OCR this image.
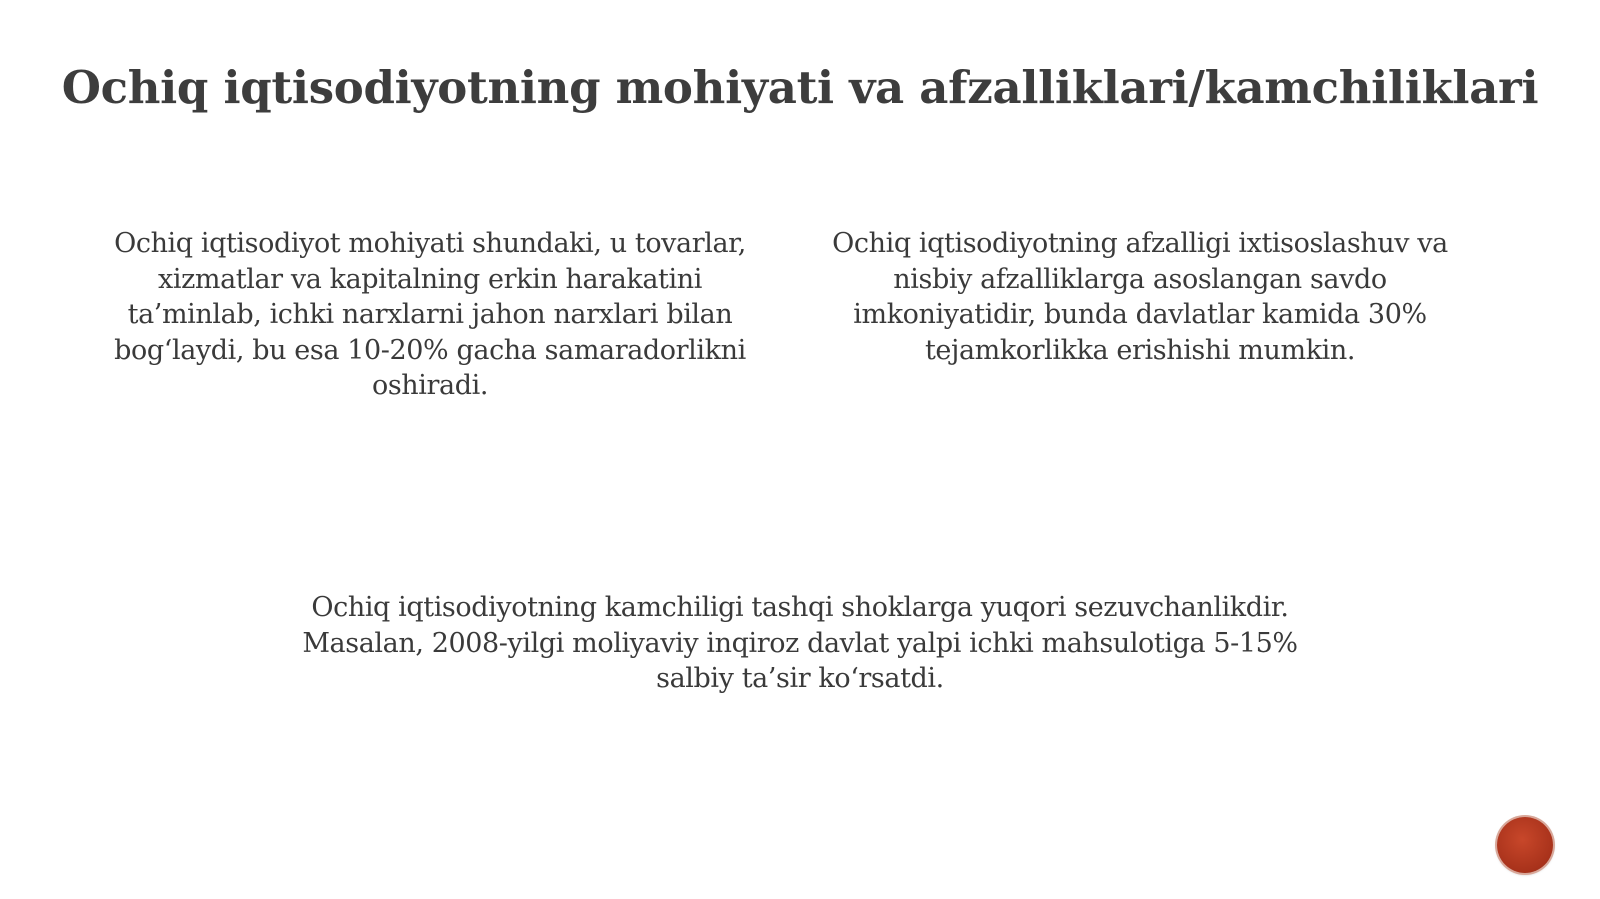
Ochiq iqtisodiyotning mohiyati va afzalliklari/kamchiliklari
Ochiq iqtisodiyot mohiyati shundaki, u tovarlar, xizmatlar va kapitalning erkin harakatini ta’minlab, ichki narxlarni jahon narxlari bilan bog‘laydi, bu esa 10-20% gacha samaradorlikni oshiradi.
Ochiq iqtisodiyotning afzalligi ixtisoslashuv va nisbiy afzalliklarga asoslangan savdo imkoniyatidir, bunda davlatlar kamida 30% tejamkorlikka erishishi mumkin.
Ochiq iqtisodiyotning kamchiligi tashqi shoklarga yuqori sezuvchanlikdir. Masalan, 2008-yilgi moliyaviy inqiroz davlat yalpi ichki mahsulotiga 5-15% salbiy ta’sir ko‘rsatdi.
